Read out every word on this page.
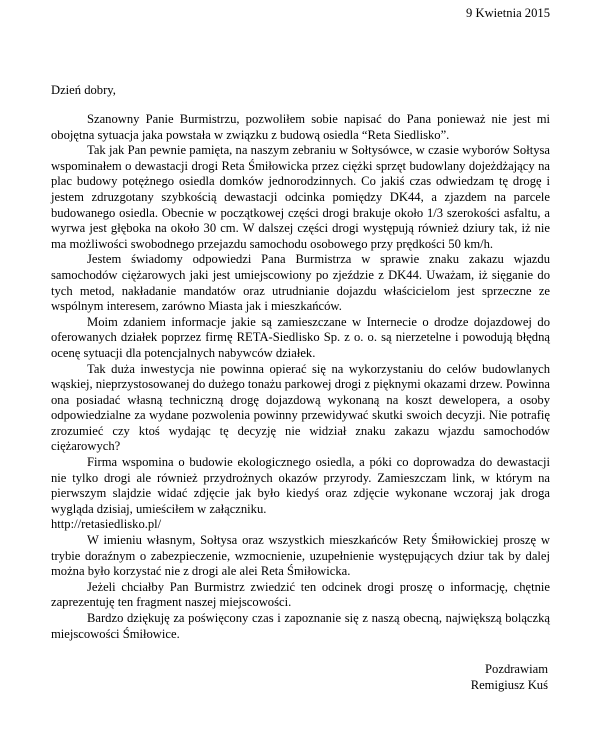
9 Kwietnia 2015
Dzień dobry,

Szanowny Panie Burmistrzu, pozwoliłem sobie napisać do Pana ponieważ nie jest mi obojętna sytuacja jaka powstała w związku z budową osiedla “Reta Siedlisko”.

Tak jak Pan pewnie pamięta, na naszym zebraniu w Sołtysówce, w czasie wyborów Sołtysa wspominałem o dewastacji drogi Reta Śmiłowicka przez ciężki sprzęt budowlany dojeżdżający na plac budowy potężnego osiedla domków jednorodzinnych. Co jakiś czas odwiedzam tę drogę i jestem zdruzgotany szybkością dewastacji odcinka pomiędzy DK44, a zjazdem na parcele budowanego osiedla. Obecnie w początkowej części drogi brakuje około 1/3 szerokości asfaltu, a wyrwa jest głęboka na około 30 cm. W dalszej części drogi występują również dziury tak, iż nie ma możliwości swobodnego przejazdu samochodu osobowego przy prędkości 50 km/h.

Jestem świadomy odpowiedzi Pana Burmistrza w sprawie znaku zakazu wjazdu samochodów ciężarowych jaki jest umiejscowiony po zjeździe z DK44. Uważam, iż sięganie do tych metod, nakładanie mandatów oraz utrudnianie dojazdu właścicielom jest sprzeczne ze wspólnym interesem, zarówno Miasta jak i mieszkańców.

Moim zdaniem informacje jakie są zamieszczane w Internecie o drodze dojazdowej do oferowanych działek poprzez firmę RETA-Siedlisko Sp. z o. o. są nierzetelne i powodują błędną ocenę sytuacji dla potencjalnych nabywców działek.

Tak duża inwestycja nie powinna opierać się na wykorzystaniu do celów budowlanych wąskiej, nieprzystosowanej do dużego tonażu parkowej drogi z pięknymi okazami drzew. Powinna ona posiadać własną techniczną drogę dojazdową wykonaną na koszt dewelopera, a osoby odpowiedzialne za wydane pozwolenia powinny przewidywać skutki swoich decyzji. Nie potrafię zrozumieć czy ktoś wydając tę decyzję nie widział znaku zakazu wjazdu samochodów ciężarowych?

Firma wspomina o budowie ekologicznego osiedla, a póki co doprowadza do dewastacji nie tylko drogi ale również przydrożnych okazów przyrody. Zamieszczam link, w którym na pierwszym slajdzie widać zdjęcie jak było kiedyś oraz zdjęcie wykonane wczoraj jak droga wygląda dzisiaj, umieściłem w załączniku.

http://retasiedlisko.pl/

W imieniu własnym, Sołtysa oraz wszystkich mieszkańców Rety Śmiłowickiej proszę w trybie doraźnym o zabezpieczenie, wzmocnienie, uzupełnienie występujących dziur tak by dalej można było korzystać nie z drogi ale alei Reta Śmiłowicka.

Jeżeli chciałby Pan Burmistrz zwiedzić ten odcinek drogi proszę o informację, chętnie zaprezentuję ten fragment naszej miejscowości.

Bardzo dziękuję za poświęcony czas i zapoznanie się z naszą obecną, największą bolączką miejscowości Śmiłowice.

Pozdrawiam
Remigiusz Kuś
